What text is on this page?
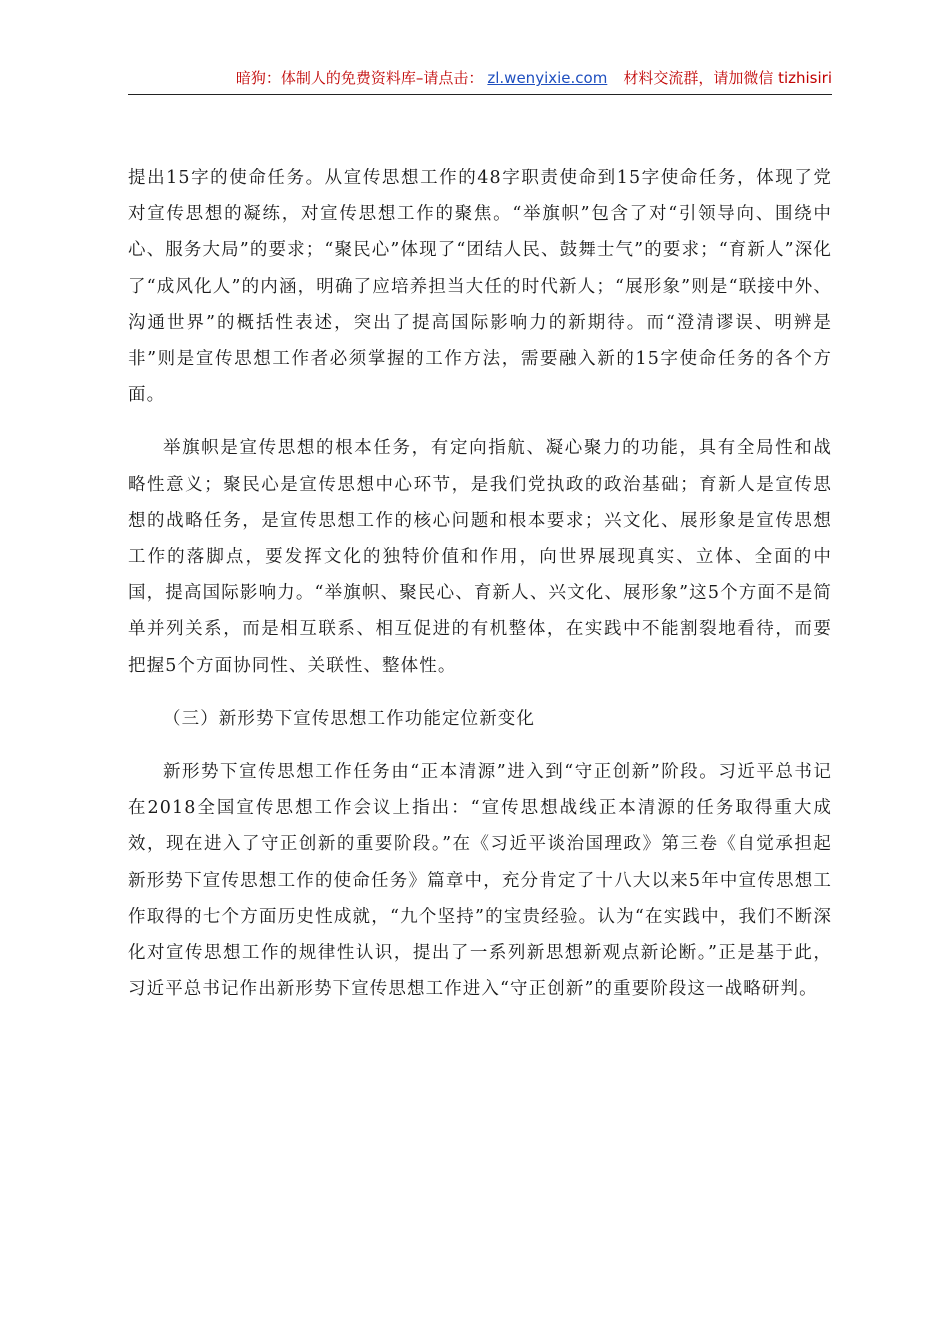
暗狗：体制人的免费资料库–请点击： zl.wenyixie.com 材料交流群，请加微信 tizhisiri

提出15字的使命任务。从宣传思想工作的48字职责使命到15字使命任务，体现了党对宣传思想的凝练，对宣传思想工作的聚焦。“举旗帜”包含了对“引领导向、围绕中心、服务大局”的要求；“聚民心”体现了“团结人民、鼓舞士气”的要求；“育新人”深化了“成风化人”的内涵，明确了应培养担当大任的时代新人；“展形象”则是“联接中外、沟通世界”的概括性表述，突出了提高国际影响力的新期待。而“澄清谬误、明辨是非”则是宣传思想工作者必须掌握的工作方法，需要融入新的15字使命任务的各个方面。

举旗帜是宣传思想的根本任务，有定向指航、凝心聚力的功能，具有全局性和战略性意义；聚民心是宣传思想中心环节，是我们党执政的政治基础；育新人是宣传思想的战略任务，是宣传思想工作的核心问题和根本要求；兴文化、展形象是宣传思想工作的落脚点，要发挥文化的独特价值和作用，向世界展现真实、立体、全面的中国，提高国际影响力。“举旗帜、聚民心、育新人、兴文化、展形象”这5个方面不是简单并列关系，而是相互联系、相互促进的有机整体，在实践中不能割裂地看待，而要把握5个方面协同性、关联性、整体性。

（三）新形势下宣传思想工作功能定位新变化

新形势下宣传思想工作任务由“正本清源”进入到“守正创新”阶段。习近平总书记在2018全国宣传思想工作会议上指出：“宣传思想战线正本清源的任务取得重大成效，现在进入了守正创新的重要阶段。”在《习近平谈治国理政》第三卷《自觉承担起新形势下宣传思想工作的使命任务》篇章中，充分肯定了十八大以来5年中宣传思想工作取得的七个方面历史性成就，“九个坚持”的宝贵经验。认为“在实践中，我们不断深化对宣传思想工作的规律性认识，提出了一系列新思想新观点新论断。”正是基于此，习近平总书记作出新形势下宣传思想工作进入“守正创新”的重要阶段这一战略研判。
